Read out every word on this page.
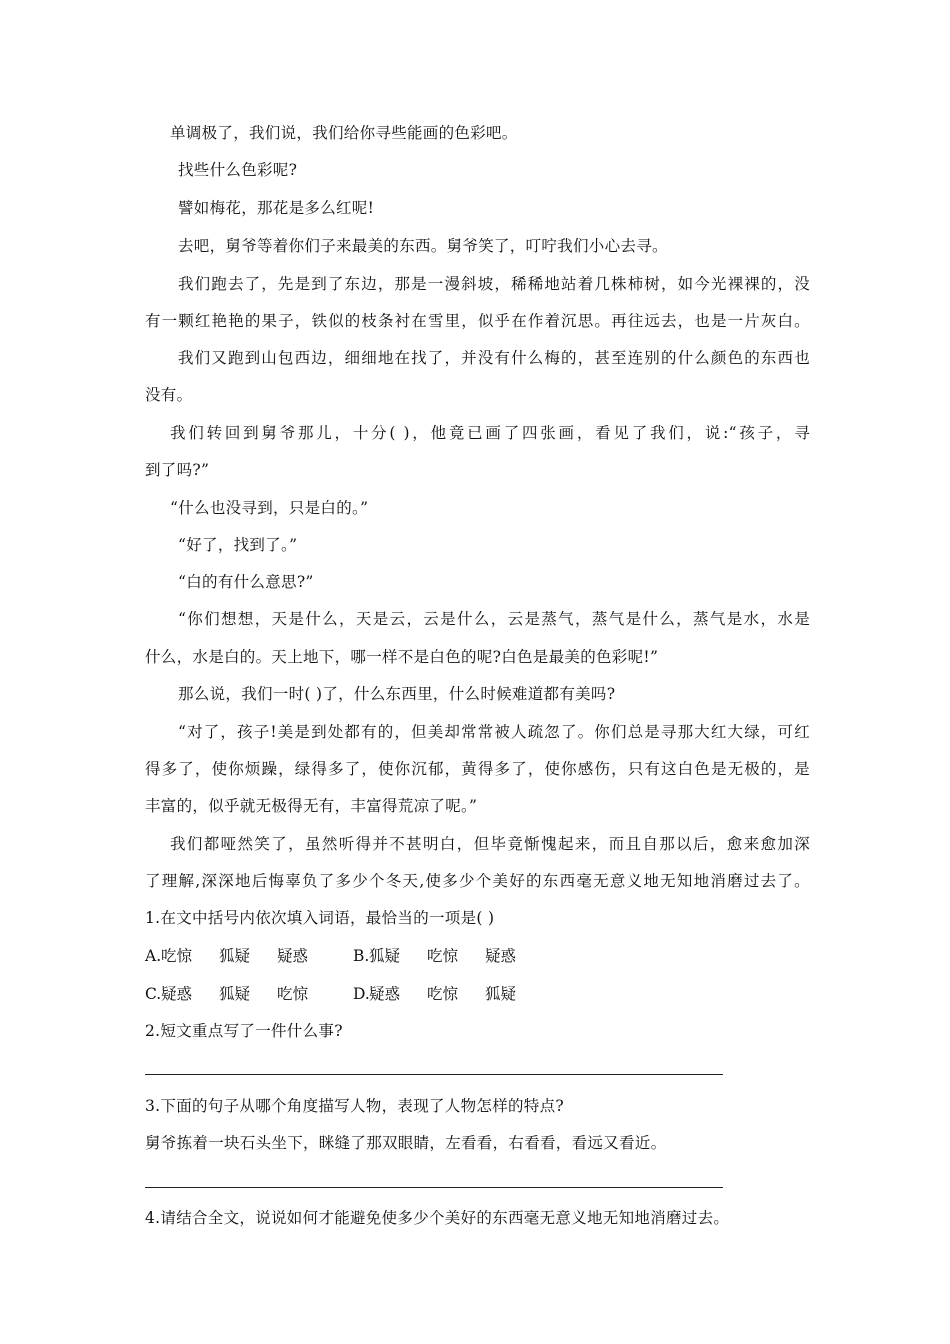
单调极了，我们说，我们给你寻些能画的色彩吧。
找些什么色彩呢?
譬如梅花，那花是多么红呢!
去吧，舅爷等着你们子来最美的东西。舅爷笑了，叮咛我们小心去寻。
我们跑去了，先是到了东边，那是一漫斜坡，稀稀地站着几株柿树，如今光裸裸的，没
有一颗红艳艳的果子，铁似的枝条衬在雪里，似乎在作着沉思。再往远去，也是一片灰白。
我们又跑到山包西边，细细地在找了，并没有什么梅的，甚至连别的什么颜色的东西也
没有。
我们转回到舅爷那儿，十分( )，他竟已画了四张画，看见了我们，说:“孩子，寻
到了吗?”
“什么也没寻到，只是白的。”
“好了，找到了。”
“白的有什么意思?”
“你们想想，天是什么，天是云，云是什么，云是蒸气，蒸气是什么，蒸气是水，水是
什么，水是白的。天上地下，哪一样不是白色的呢?白色是最美的色彩呢!”
那么说，我们一时( )了，什么东西里，什么时候难道都有美吗?
“对了，孩子!美是到处都有的，但美却常常被人疏忽了。你们总是寻那大红大绿，可红
得多了，使你烦躁，绿得多了，使你沉郁，黄得多了，使你感伤，只有这白色是无极的，是
丰富的，似乎就无极得无有，丰富得荒凉了呢。”
我们都哑然笑了，虽然听得并不甚明白，但毕竟惭愧起来，而且自那以后，愈来愈加深
了理解,深深地后悔辜负了多少个冬天,使多少个美好的东西毫无意义地无知地消磨过去了。
1.在文中括号内依次填入词语，最恰当的一项是( )
A. 吃惊 狐疑 疑惑	B. 狐疑 吃惊 疑惑
C. 疑惑 狐疑 吃惊	D. 疑惑 吃惊 狐疑
2.短文重点写了一件什么事?
3.下面的句子从哪个角度描写人物，表现了人物怎样的特点?
舅爷拣着一块石头坐下，眯缝了那双眼睛，左看看，右看看，看远又看近。
4.请结合全文，说说如何才能避免使多少个美好的东西毫无意义地无知地消磨过去。
